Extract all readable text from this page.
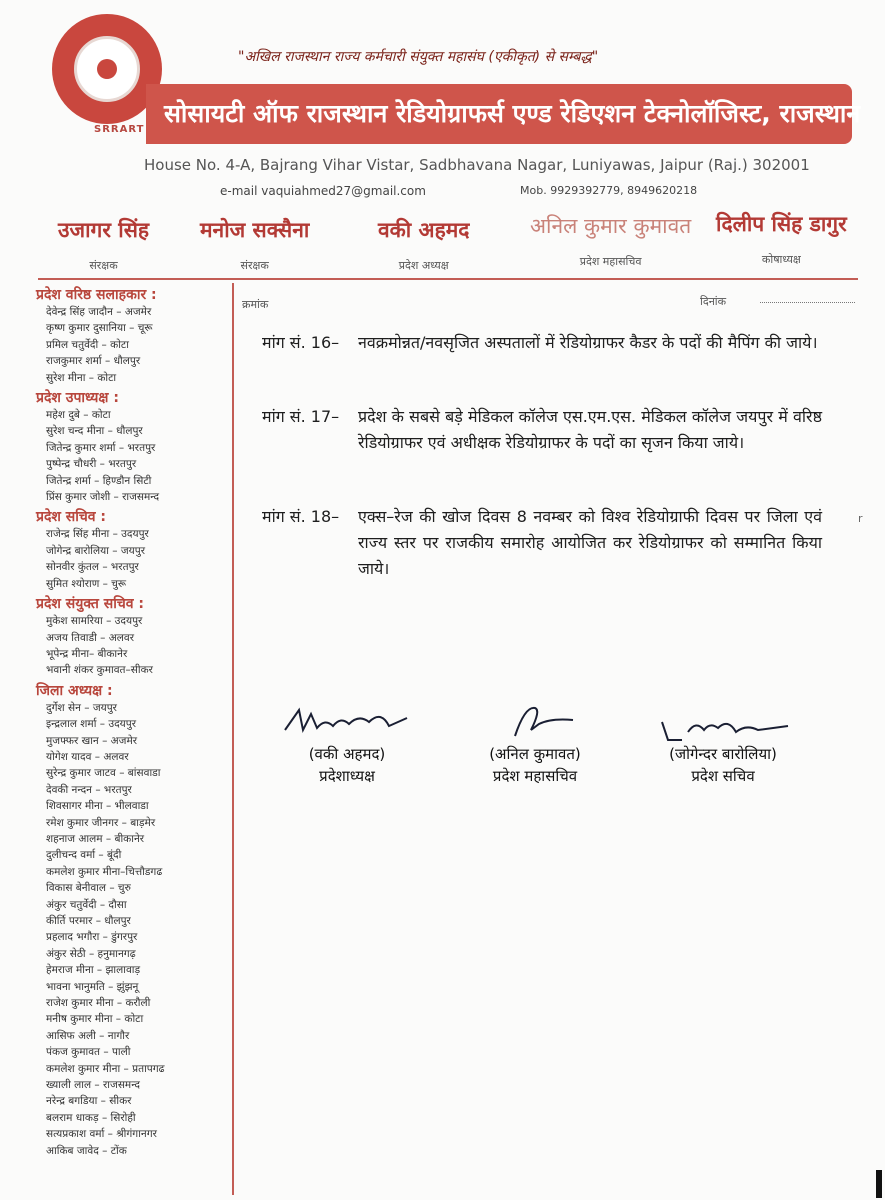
SRRART
"अखिल राजस्थान राज्य कर्मचारी संयुक्त महासंघ (एकीकृत) से सम्बद्ध"
सोसायटी ऑफ राजस्थान रेडियोग्राफर्स एण्ड रेडिएशन टेक्नोलॉजिस्ट, राजस्थान
House No. 4-A, Bajrang Vihar Vistar, Sadbhavana Nagar, Luniyawas, Jaipur (Raj.) 302001
e-mail vaquiahmed27@gmail.com	Mob. 9929392779, 8949620218
उजागर सिंह
संरक्षक
मनोज सक्सैना
संरक्षक
वकी अहमद
प्रदेश अध्यक्ष
अनिल कुमार कुमावत
प्रदेश महासचिव
दिलीप सिंह डागुर
कोषाध्यक्ष
प्रदेश वरिष्ठ सलाहकार :
देवेन्द्र सिंह जादौन – अजमेर
कृष्ण कुमार दुसानिया – चूरू
प्रमिल चतुर्वेदी – कोटा
राजकुमार शर्मा – धौलपुर
सुरेश मीना – कोटा
प्रदेश उपाध्यक्ष :
महेश दुबे – कोटा
सुरेश चन्द मीना – धौलपुर
जितेन्द्र कुमार शर्मा – भरतपुर
पुष्पेन्द्र चौधरी – भरतपुर
जितेन्द्र शर्मा – हिण्डौन सिटी
प्रिंस कुमार जोशी – राजसमन्द
प्रदेश सचिव :
राजेन्द्र सिंह मीना – उदयपुर
जोगेन्द्र बारोलिया – जयपुर
सोनवीर कुंतल – भरतपुर
सुमित श्योराण – चुरू
प्रदेश संयुक्त सचिव :
मुकेश सामरिया – उदयपुर
अजय तिवाडी – अलवर
भूपेन्द्र मीना– बीकानेर
भवानी शंकर कुमावत–सीकर
जिला अध्यक्ष :
दुर्गेश सेन – जयपुर
इन्द्रलाल शर्मा – उदयपुर
मुजफ्फर खान – अजमेर
योगेश यादव – अलवर
सुरेन्द्र कुमार जाटव – बांसवाडा
देवकी नन्दन – भरतपुर
शिवसागर मीना – भीलवाडा
रमेश कुमार जीनगर – बाड़मेर
शहनाज आलम – बीकानेर
दुलीचन्द वर्मा – बूंदी
कमलेश कुमार मीना–चित्तौडगढ
विकास बेनीवाल – चुरु
अंकुर चतुर्वेदी – दौसा
कीर्ति परमार – धौलपुर
प्रहलाद भगौरा – डुंगरपुर
अंकुर सेठी – हनुमानगढ़
हेमराज मीना – झालावाड़
भावना भानुमति – झुंझनू
राजेश कुमार मीना – करौली
मनीष कुमार मीना – कोटा
आसिफ अली – नागौर
पंकज कुमावत – पाली
कमलेश कुमार मीना – प्रतापगढ
ख्याली लाल – राजसमन्द
नरेन्द्र बगडिया – सीकर
बलराम धाकड़ – सिरोही
सत्यप्रकाश वर्मा – श्रीगंगानगर
आकिब जावेद – टोंक
क्रमांक	दिनांक
मांग सं. 16– नवक्रमोन्नत/नवसृजित अस्पतालों में रेडियोग्राफर कैडर के पदों की मैपिंग की जाये।
मांग सं. 17– प्रदेश के सबसे बड़े मेडिकल कॉलेज एस.एम.एस. मेडिकल कॉलेज जयपुर में वरिष्ठ रेडियोग्राफर एवं अधीक्षक रेडियोग्राफर के पदों का सृजन किया जाये।
मांग सं. 18– एक्स–रेज की खोज दिवस 8 नवम्बर को विश्व रेडियोग्राफी दिवस पर जिला एवं राज्य स्तर पर राजकीय समारोह आयोजित कर रेडियोग्राफर को सम्मानित किया जाये।
r
(वकी अहमद)
प्रदेशाध्यक्ष
(अनिल कुमावत)
प्रदेश महासचिव
(जोगेन्दर बारोलिया)
प्रदेश सचिव
